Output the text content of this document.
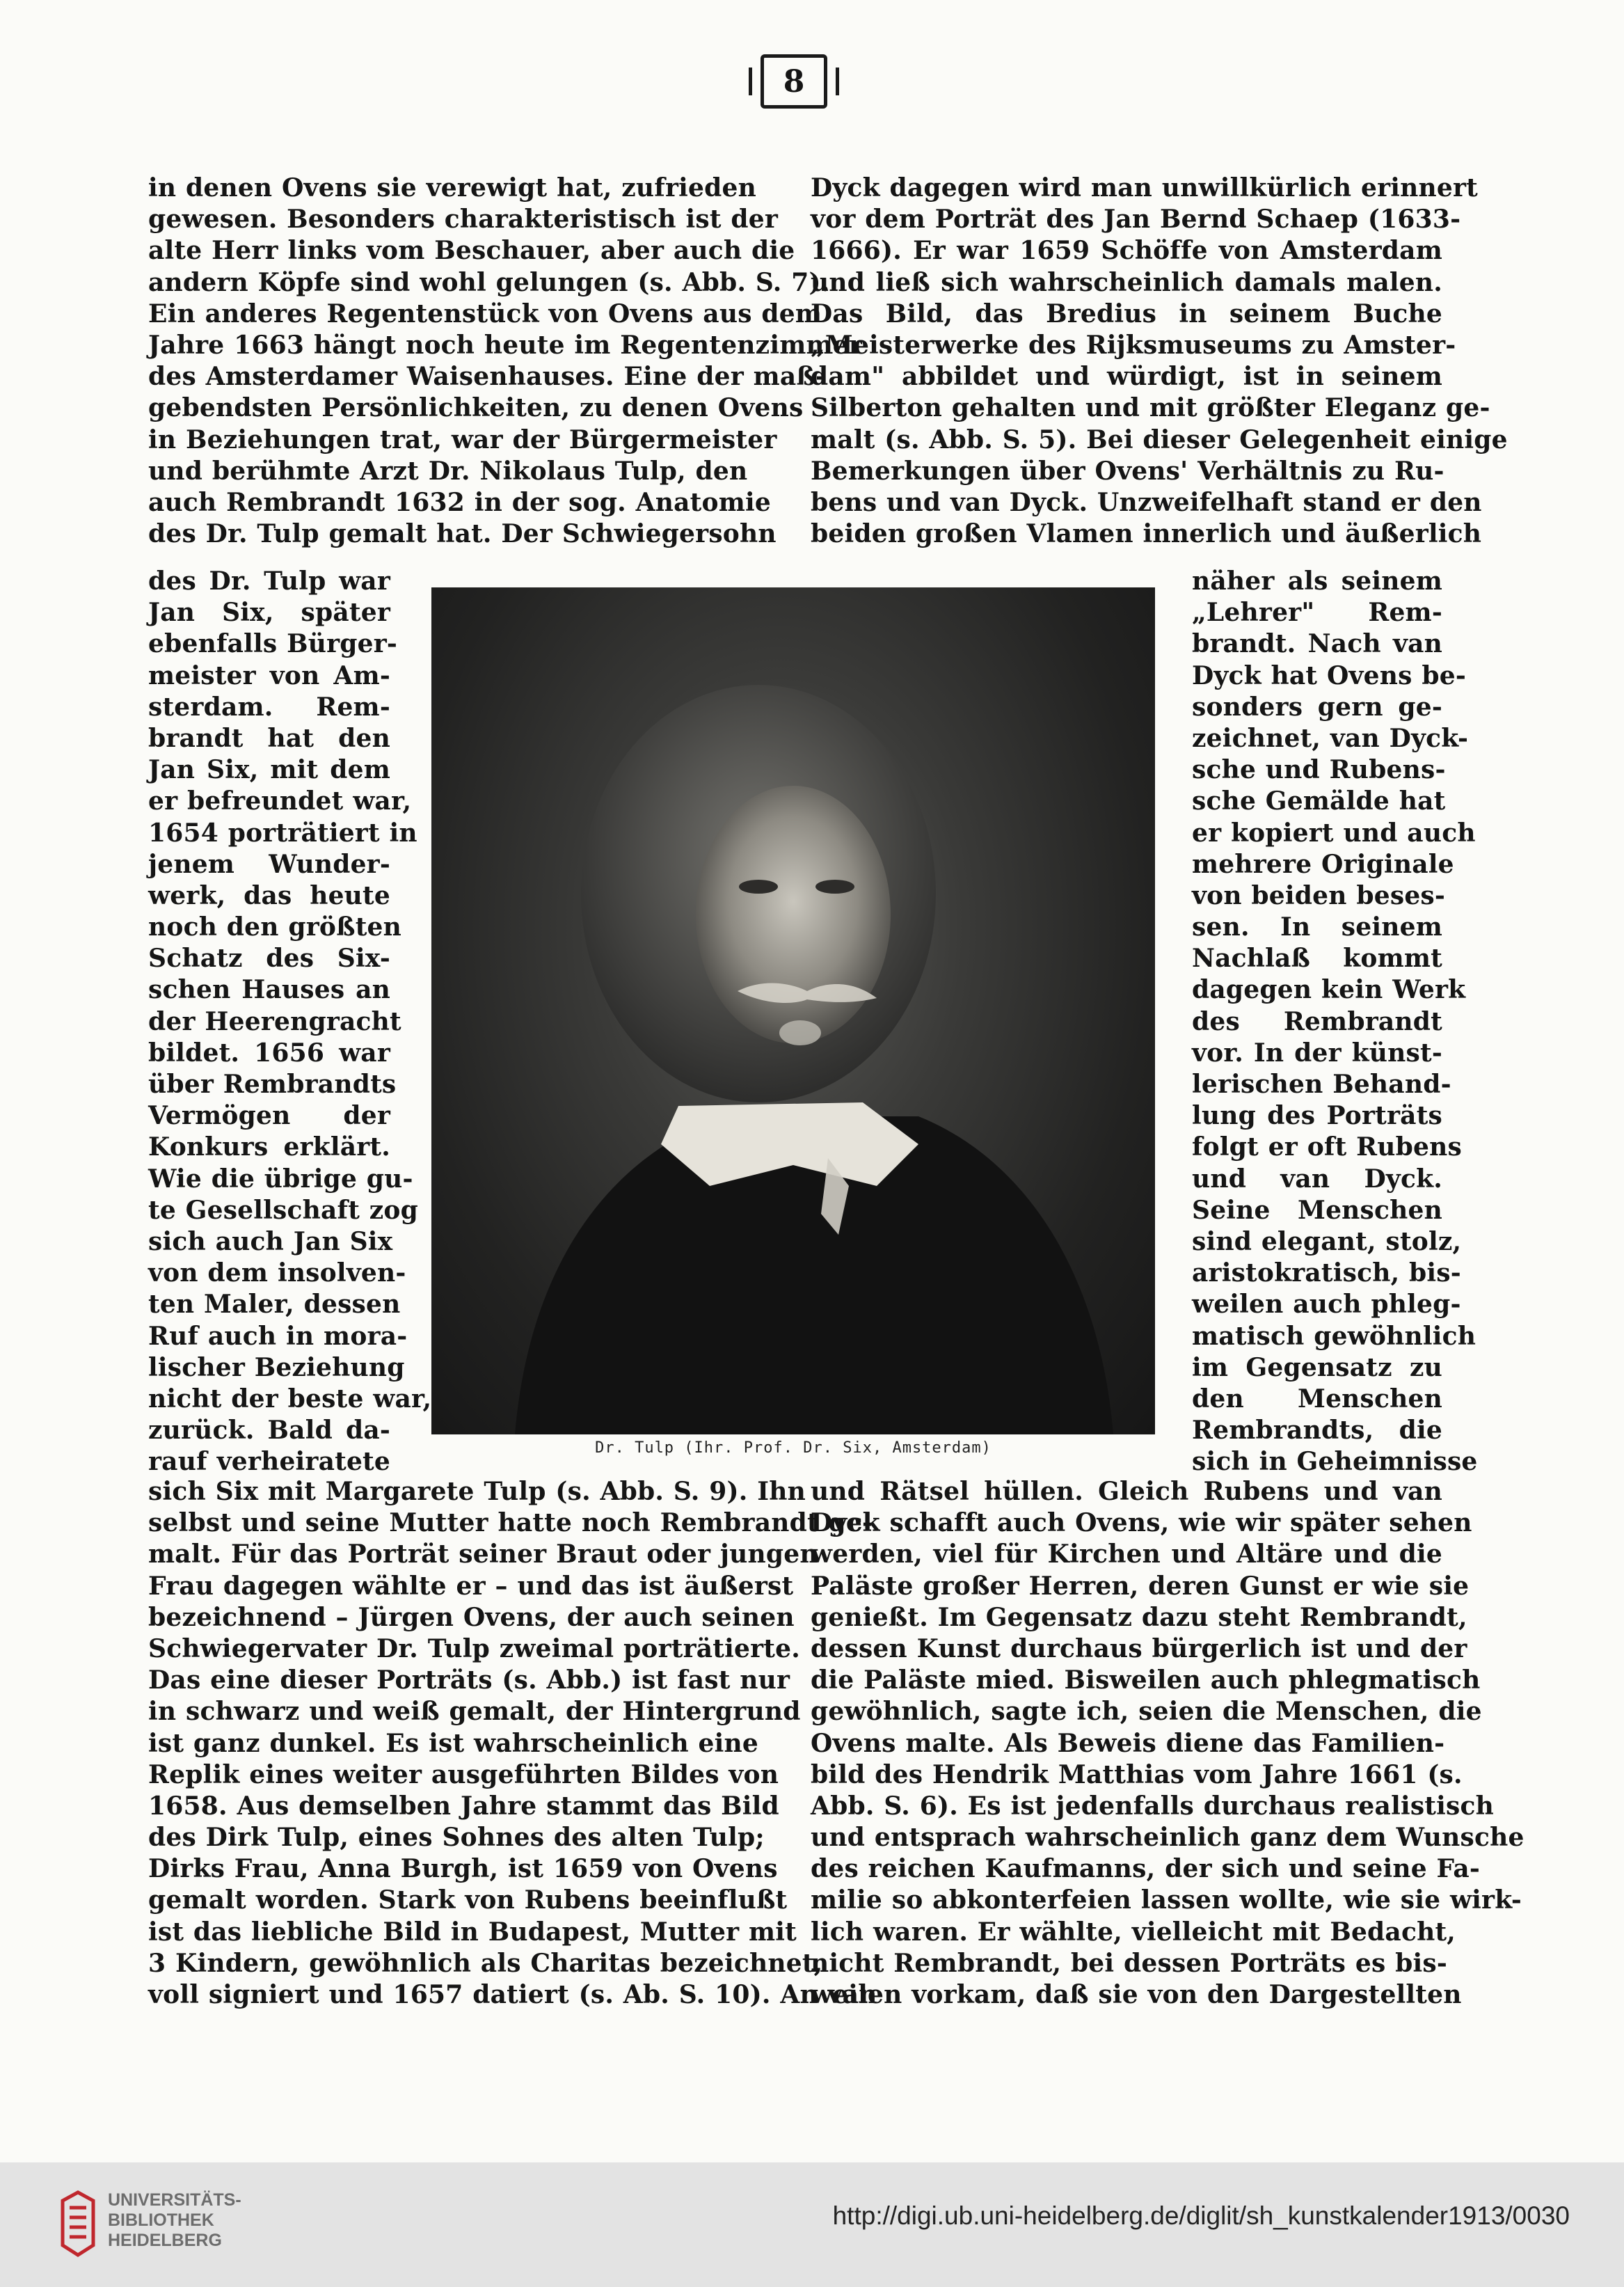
8
in denen Ovens sie verewigt hat, zufrieden
gewesen. Besonders charakteristisch ist der
alte Herr links vom Beschauer, aber auch die
andern Köpfe sind wohl gelungen (s. Abb. S. 7).
Ein anderes Regentenstück von Ovens aus dem
Jahre 1663 hängt noch heute im Regentenzimmer
des Amsterdamer Waisenhauses. Eine der maß-
gebendsten Persönlichkeiten, zu denen Ovens
in Beziehungen trat, war der Bürgermeister
und berühmte Arzt Dr. Nikolaus Tulp, den
auch Rembrandt 1632 in der sog. Anatomie
des Dr. Tulp gemalt hat. Der Schwiegersohn
des Dr. Tulp war
Jan Six, später
ebenfalls Bürger-
meister von Am-
sterdam. Rem-
brandt hat den
Jan Six, mit dem
er befreundet war,
1654 porträtiert in
jenem Wunder-
werk, das heute
noch den größten
Schatz des Six-
schen Hauses an
der Heerengracht
bildet. 1656 war
über Rembrandts
Vermögen der
Konkurs erklärt.
Wie die übrige gu-
te Gesellschaft zog
sich auch Jan Six
von dem insolven-
ten Maler, dessen
Ruf auch in mora-
lischer Beziehung
nicht der beste war,
zurück. Bald da-
rauf verheiratete
sich Six mit Margarete Tulp (s. Abb. S. 9). Ihn
selbst und seine Mutter hatte noch Rembrandt ge-
malt. Für das Porträt seiner Braut oder jungen
Frau dagegen wählte er – und das ist äußerst
bezeichnend – Jürgen Ovens, der auch seinen
Schwiegervater Dr. Tulp zweimal porträtierte.
Das eine dieser Porträts (s. Abb.) ist fast nur
in schwarz und weiß gemalt, der Hintergrund
ist ganz dunkel. Es ist wahrscheinlich eine
Replik eines weiter ausgeführten Bildes von
1658. Aus demselben Jahre stammt das Bild
des Dirk Tulp, eines Sohnes des alten Tulp;
Dirks Frau, Anna Burgh, ist 1659 von Ovens
gemalt worden. Stark von Rubens beeinflußt
ist das liebliche Bild in Budapest, Mutter mit
3 Kindern, gewöhnlich als Charitas bezeichnet,
voll signiert und 1657 datiert (s. Ab. S. 10). An van
Dyck dagegen wird man unwillkürlich erinnert
vor dem Porträt des Jan Bernd Schaep (1633-
1666). Er war 1659 Schöffe von Amsterdam
und ließ sich wahrscheinlich damals malen.
Das Bild, das Bredius in seinem Buche
„Meisterwerke des Rijksmuseums zu Amster-
dam" abbildet und würdigt, ist in seinem
Silberton gehalten und mit größter Eleganz ge-
malt (s. Abb. S. 5). Bei dieser Gelegenheit einige
Bemerkungen über Ovens' Verhältnis zu Ru-
bens und van Dyck. Unzweifelhaft stand er den
beiden großen Vlamen innerlich und äußerlich
näher als seinem
„Lehrer" Rem-
brandt. Nach van
Dyck hat Ovens be-
sonders gern ge-
zeichnet, van Dyck-
sche und Rubens-
sche Gemälde hat
er kopiert und auch
mehrere Originale
von beiden beses-
sen. In seinem
Nachlaß kommt
dagegen kein Werk
des Rembrandt
vor. In der künst-
lerischen Behand-
lung des Porträts
folgt er oft Rubens
und van Dyck.
Seine Menschen
sind elegant, stolz,
aristokratisch, bis-
weilen auch phleg-
matisch gewöhnlich
im Gegensatz zu
den Menschen
Rembrandts, die
sich in Geheimnisse
und Rätsel hüllen. Gleich Rubens und van
Dyck schafft auch Ovens, wie wir später sehen
werden, viel für Kirchen und Altäre und die
Paläste großer Herren, deren Gunst er wie sie
genießt. Im Gegensatz dazu steht Rembrandt,
dessen Kunst durchaus bürgerlich ist und der
die Paläste mied. Bisweilen auch phlegmatisch
gewöhnlich, sagte ich, seien die Menschen, die
Ovens malte. Als Beweis diene das Familien-
bild des Hendrik Matthias vom Jahre 1661 (s.
Abb. S. 6). Es ist jedenfalls durchaus realistisch
und entsprach wahrscheinlich ganz dem Wunsche
des reichen Kaufmanns, der sich und seine Fa-
milie so abkonterfeien lassen wollte, wie sie wirk-
lich waren. Er wählte, vielleicht mit Bedacht,
nicht Rembrandt, bei dessen Porträts es bis-
weilen vorkam, daß sie von den Dargestellten
Dr. Tulp (Ihr. Prof. Dr. Six, Amsterdam)
UNIVERSITÄTS-
BIBLIOTHEK
HEIDELBERG
http://digi.ub.uni-heidelberg.de/diglit/sh_kunstkalender1913/0030
